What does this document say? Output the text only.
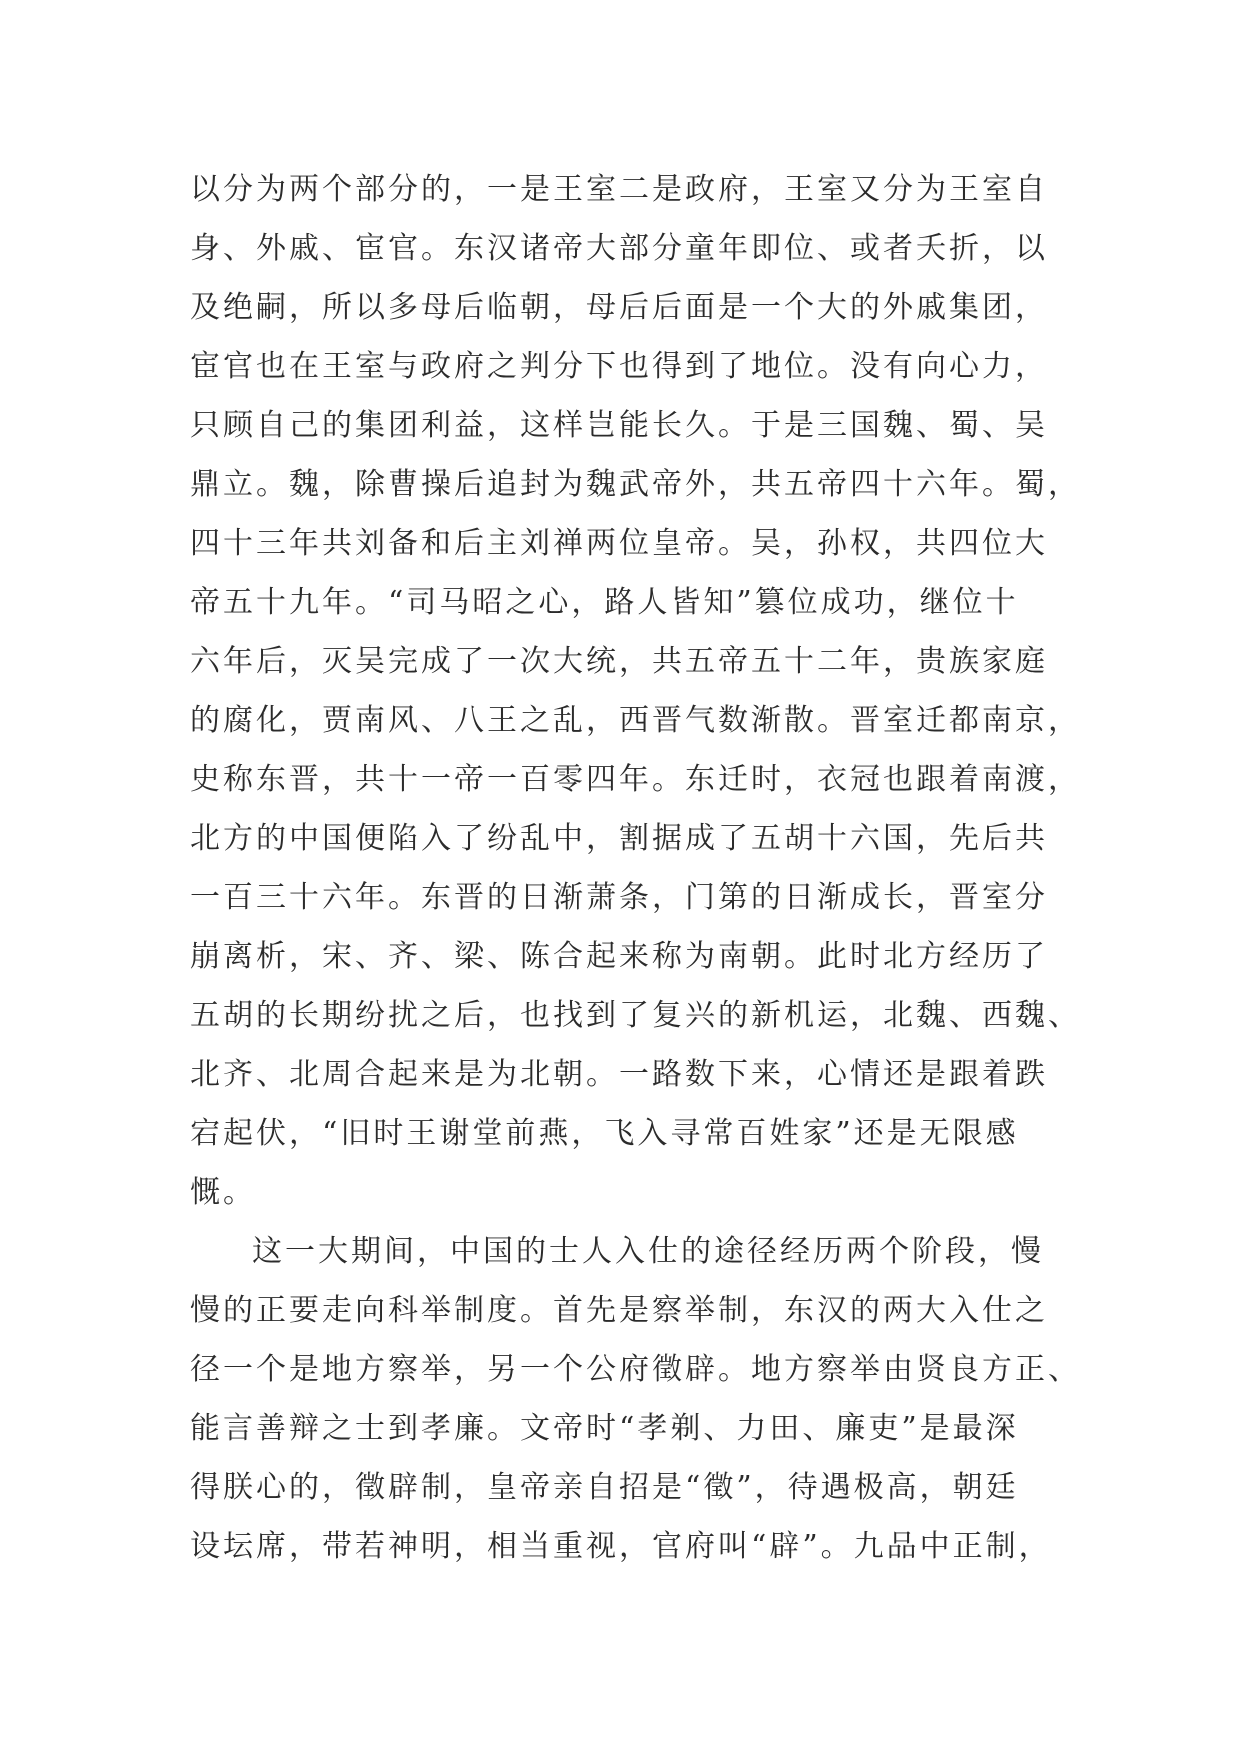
以分为两个部分的，一是王室二是政府，王室又分为王室自
身、外戚、宦官。东汉诸帝大部分童年即位、或者夭折，以
及绝嗣，所以多母后临朝，母后后面是一个大的外戚集团，
宦官也在王室与政府之判分下也得到了地位。没有向心力，
只顾自己的集团利益，这样岂能长久。于是三国魏、蜀、吴
鼎立。魏，除曹操后追封为魏武帝外，共五帝四十六年。蜀，
四十三年共刘备和后主刘禅两位皇帝。吴，孙权，共四位大
帝五十九年。“司马昭之心，路人皆知”篡位成功，继位十
六年后，灭吴完成了一次大统，共五帝五十二年，贵族家庭
的腐化，贾南风、八王之乱，西晋气数渐散。晋室迁都南京，
史称东晋，共十一帝一百零四年。东迁时，衣冠也跟着南渡，
北方的中国便陷入了纷乱中，割据成了五胡十六国，先后共
一百三十六年。东晋的日渐萧条，门第的日渐成长，晋室分
崩离析，宋、齐、梁、陈合起来称为南朝。此时北方经历了
五胡的长期纷扰之后，也找到了复兴的新机运，北魏、西魏、
北齐、北周合起来是为北朝。一路数下来，心情还是跟着跌
宕起伏，“旧时王谢堂前燕，飞入寻常百姓家”还是无限感
慨。
这一大期间，中国的士人入仕的途径经历两个阶段，慢
慢的正要走向科举制度。首先是察举制，东汉的两大入仕之
径一个是地方察举，另一个公府徵辟。地方察举由贤良方正、
能言善辩之士到孝廉。文帝时“孝剃、力田、廉吏”是最深
得朕心的，徵辟制，皇帝亲自招是“徵”，待遇极高，朝廷
设坛席，带若神明，相当重视，官府叫“辟”。九品中正制，
